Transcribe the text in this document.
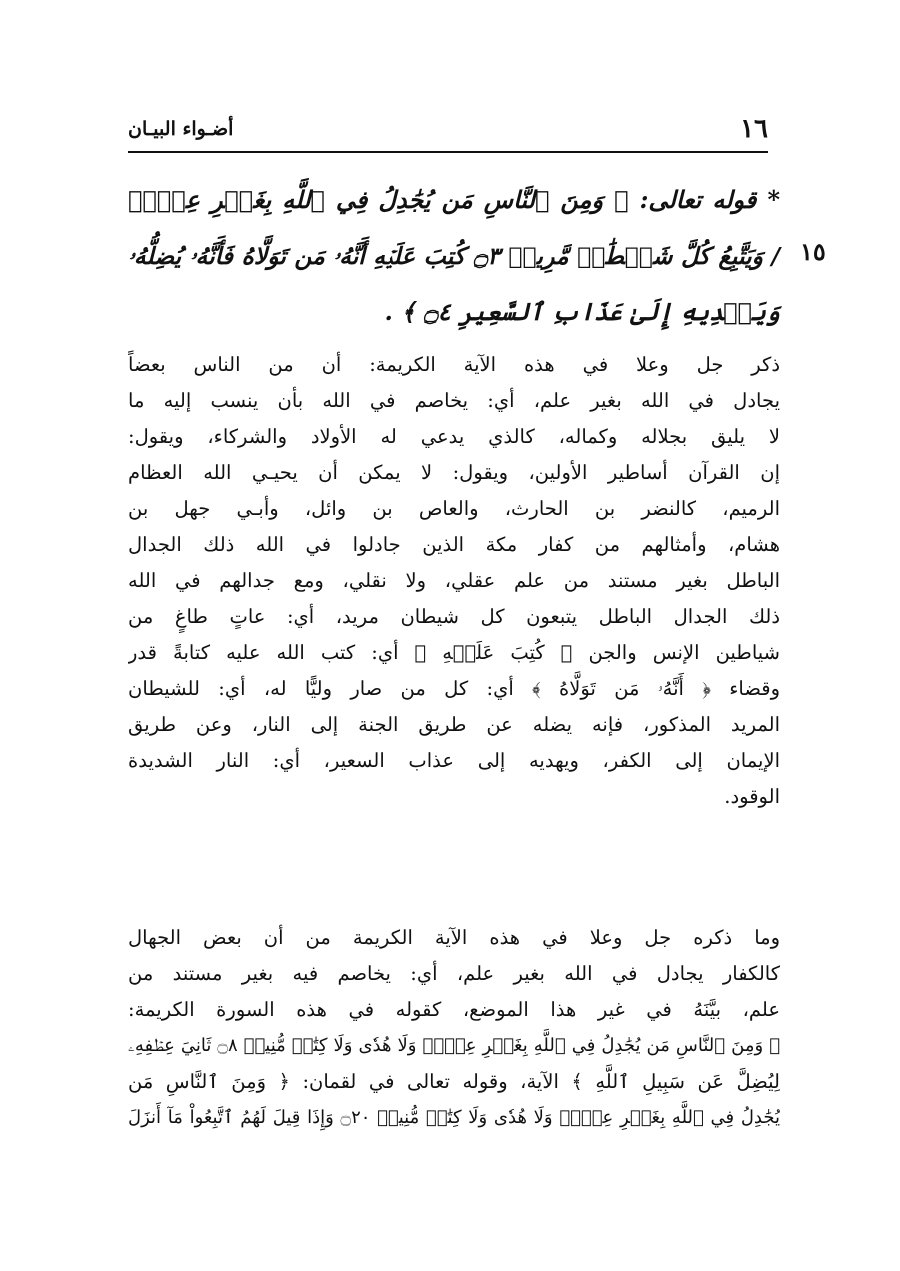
١٦
أضـواء البيـان
١٥
* قوله تعالى: ﴿ وَمِنَ ٱلنَّاسِ مَن يُجَٰدِلُ فِي ٱللَّهِ بِغَيۡرِ عِلۡمٖ
/ وَيَتَّبِعُ كُلَّ شَيۡطَٰنٖ مَّرِيدٖ ۝٣ كُتِبَ عَلَيۡهِ أَنَّهُۥ مَن تَوَلَّاهُ فَأَنَّهُۥ يُضِلُّهُۥ
وَيَهۡدِيهِ إِلَىٰ عَذَابِ ٱلسَّعِيرِ ۝٤ ﴾ .
ذكر جل وعلا في هذه الآية الكريمة: أن من الناس بعضاً
يجادل في الله بغير علم، أي: يخاصم في الله بأن ينسب إليه ما
لا يليق بجلاله وكماله، كالذي يدعي له الأولاد والشركاء، ويقول:
إن القرآن أساطير الأولين، ويقول: لا يمكن أن يحيـي الله العظام
الرميم، كالنضر بن الحارث، والعاص بن وائل، وأبـي جهل بن
هشام، وأمثالهم من كفار مكة الذين جادلوا في الله ذلك الجدال
الباطل بغير مستند من علم عقلي، ولا نقلي، ومع جدالهم في الله
ذلك الجدال الباطل يتبعون كل شيطان مريد، أي: عاتٍ طاغٍ من
شياطين الإنس والجن ﴿ كُتِبَ عَلَيۡهِ ﴾ أي: كتب الله عليه كتابةً قدر
وقضاء ﴿ أَنَّهُۥ مَن تَوَلَّاهُ ﴾ أي: كل من صار وليًّا له، أي: للشيطان
المريد المذكور، فإنه يضله عن طريق الجنة إلى النار، وعن طريق
الإيمان إلى الكفر، ويهديه إلى عذاب السعير، أي: النار الشديدة
الوقود.
وما ذكره جل وعلا في هذه الآية الكريمة من أن بعض الجهال
كالكفار يجادل في الله بغير علم، أي: يخاصم فيه بغير مستند من
علم، بيَّنَهُ في غير هذا الموضع، كقوله في هذه السورة الكريمة:
﴿ وَمِنَ ٱلنَّاسِ مَن يُجَٰدِلُ فِي ٱللَّهِ بِغَيۡرِ عِلۡمٖ وَلَا هُدٗى وَلَا كِتَٰبٖ مُّنِيرٖ ۝٨ ثَانِيَ عِطۡفِهِۦ
لِيُضِلَّ عَن سَبِيلِ ٱللَّهِ ﴾ الآية، وقوله تعالى في لقمان: ﴿ وَمِنَ ٱلنَّاسِ مَن
يُجَٰدِلُ فِي ٱللَّهِ بِغَيۡرِ عِلۡمٖ وَلَا هُدٗى وَلَا كِتَٰبٖ مُّنِيرٖ ۝٢٠ وَإِذَا قِيلَ لَهُمُ ٱتَّبِعُواْ مَآ أَنزَلَ
